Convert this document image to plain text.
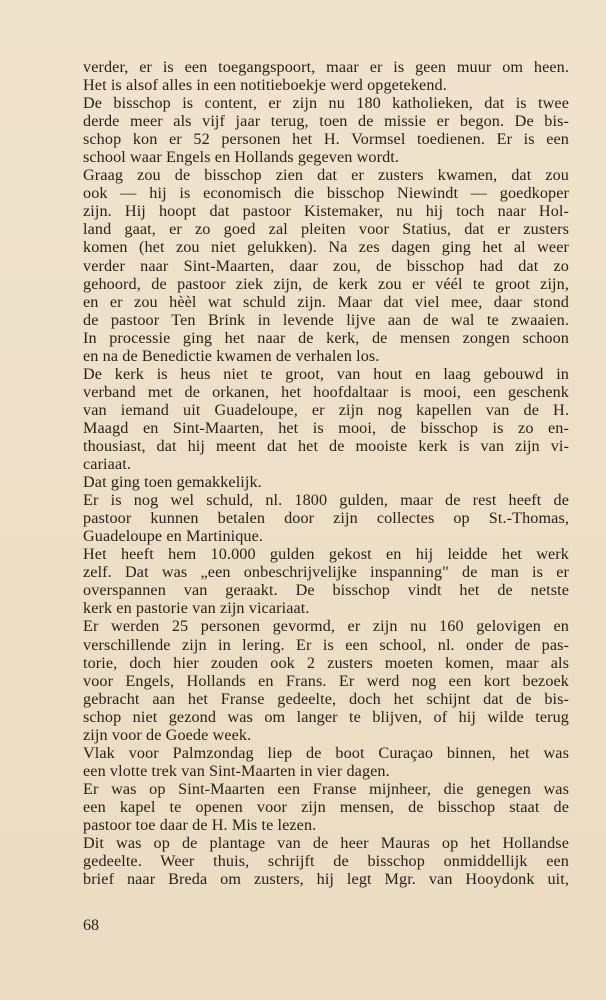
verder, er is een toegangspoort, maar er is geen muur om heen.
Het is alsof alles in een notitieboekje werd opgetekend.
De bisschop is content, er zijn nu 180 katholieken, dat is twee
derde meer als vijf jaar terug, toen de missie er begon. De bis-
schop kon er 52 personen het H. Vormsel toedienen. Er is een
school waar Engels en Hollands gegeven wordt.
Graag zou de bisschop zien dat er zusters kwamen, dat zou
ook — hij is economisch die bisschop Niewindt — goedkoper
zijn. Hij hoopt dat pastoor Kistemaker, nu hij toch naar Hol-
land gaat, er zo goed zal pleiten voor Statius, dat er zusters
komen (het zou niet gelukken). Na zes dagen ging het al weer
verder naar Sint-Maarten, daar zou, de bisschop had dat zo
gehoord, de pastoor ziek zijn, de kerk zou er véél te groot zijn,
en er zou hèèl wat schuld zijn. Maar dat viel mee, daar stond
de pastoor Ten Brink in levende lijve aan de wal te zwaaien.
In processie ging het naar de kerk, de mensen zongen schoon
en na de Benedictie kwamen de verhalen los.
De kerk is heus niet te groot, van hout en laag gebouwd in
verband met de orkanen, het hoofdaltaar is mooi, een geschenk
van iemand uit Guadeloupe, er zijn nog kapellen van de H.
Maagd en Sint-Maarten, het is mooi, de bisschop is zo en-
thousiast, dat hij meent dat het de mooiste kerk is van zijn vi-
cariaat.
Dat ging toen gemakkelijk.
Er is nog wel schuld, nl. 1800 gulden, maar de rest heeft de
pastoor kunnen betalen door zijn collectes op St.-Thomas,
Guadeloupe en Martinique.
Het heeft hem 10.000 gulden gekost en hij leidde het werk
zelf. Dat was „een onbeschrijvelijke inspanning" de man is er
overspannen van geraakt. De bisschop vindt het de netste
kerk en pastorie van zijn vicariaat.
Er werden 25 personen gevormd, er zijn nu 160 gelovigen en
verschillende zijn in lering. Er is een school, nl. onder de pas-
torie, doch hier zouden ook 2 zusters moeten komen, maar als
voor Engels, Hollands en Frans. Er werd nog een kort bezoek
gebracht aan het Franse gedeelte, doch het schijnt dat de bis-
schop niet gezond was om langer te blijven, of hij wilde terug
zijn voor de Goede week.
Vlak voor Palmzondag liep de boot Curaçao binnen, het was
een vlotte trek van Sint-Maarten in vier dagen.
Er was op Sint-Maarten een Franse mijnheer, die genegen was
een kapel te openen voor zijn mensen, de bisschop staat de
pastoor toe daar de H. Mis te lezen.
Dit was op de plantage van de heer Mauras op het Hollandse
gedeelte. Weer thuis, schrijft de bisschop onmiddellijk een
brief naar Breda om zusters, hij legt Mgr. van Hooydonk uit,
68
